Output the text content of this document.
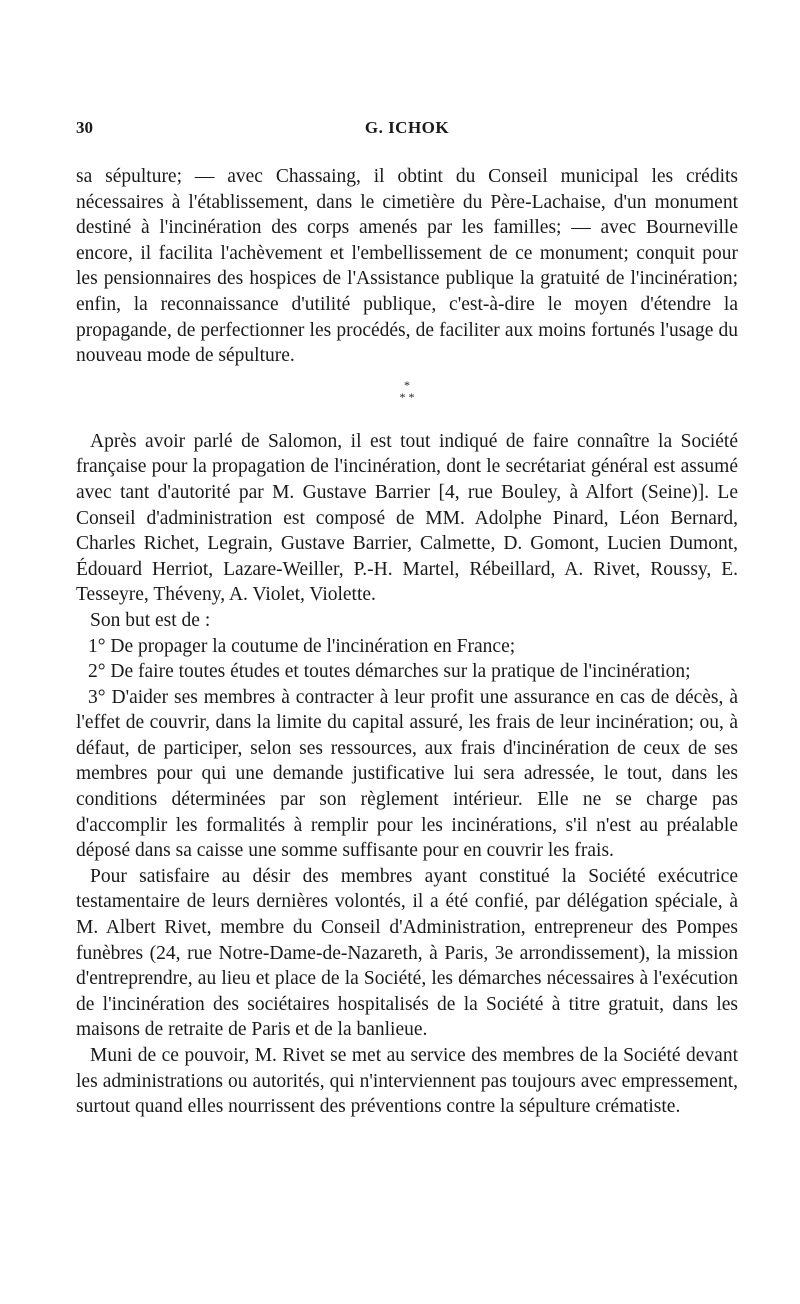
30	G. ICHOK

sa sépulture; — avec Chassaing, il obtint du Conseil municipal les crédits nécessaires à l'établissement, dans le cimetière du Père-Lachaise, d'un monument destiné à l'incinération des corps amenés par les familles; — avec Bourneville encore, il facilita l'achèvement et l'embellissement de ce monument; conquit pour les pensionnaires des hospices de l'Assistance publique la gratuité de l'incinération; enfin, la reconnaissance d'utilité publique, c'est-à-dire le moyen d'étendre la propagande, de perfectionner les procédés, de faciliter aux moins fortunés l'usage du nouveau mode de sépulture.

*
* *

Après avoir parlé de Salomon, il est tout indiqué de faire connaître la Société française pour la propagation de l'incinération, dont le secrétariat général est assumé avec tant d'autorité par M. Gustave Barrier [4, rue Bouley, à Alfort (Seine)]. Le Conseil d'administration est composé de MM. Adolphe Pinard, Léon Bernard, Charles Richet, Legrain, Gustave Barrier, Calmette, D. Gomont, Lucien Dumont, Édouard Herriot, Lazare-Weiller, P.-H. Martel, Rébeillard, A. Rivet, Roussy, E. Tesseyre, Théveny, A. Violet, Violette.

Son but est de :

1° De propager la coutume de l'incinération en France;

2° De faire toutes études et toutes démarches sur la pratique de l'incinération;

3° D'aider ses membres à contracter à leur profit une assurance en cas de décès, à l'effet de couvrir, dans la limite du capital assuré, les frais de leur incinération; ou, à défaut, de participer, selon ses ressources, aux frais d'incinération de ceux de ses membres pour qui une demande justificative lui sera adressée, le tout, dans les conditions déterminées par son règlement intérieur. Elle ne se charge pas d'accomplir les formalités à remplir pour les incinérations, s'il n'est au préalable déposé dans sa caisse une somme suffisante pour en couvrir les frais.

Pour satisfaire au désir des membres ayant constitué la Société exécutrice testamentaire de leurs dernières volontés, il a été confié, par délégation spéciale, à M. Albert Rivet, membre du Conseil d'Administration, entrepreneur des Pompes funèbres (24, rue Notre-Dame-de-Nazareth, à Paris, 3e arrondissement), la mission d'entreprendre, au lieu et place de la Société, les démarches nécessaires à l'exécution de l'incinération des sociétaires hospitalisés de la Société à titre gratuit, dans les maisons de retraite de Paris et de la banlieue.

Muni de ce pouvoir, M. Rivet se met au service des membres de la Société devant les administrations ou autorités, qui n'interviennent pas toujours avec empressement, surtout quand elles nourrissent des préventions contre la sépulture crématiste.
